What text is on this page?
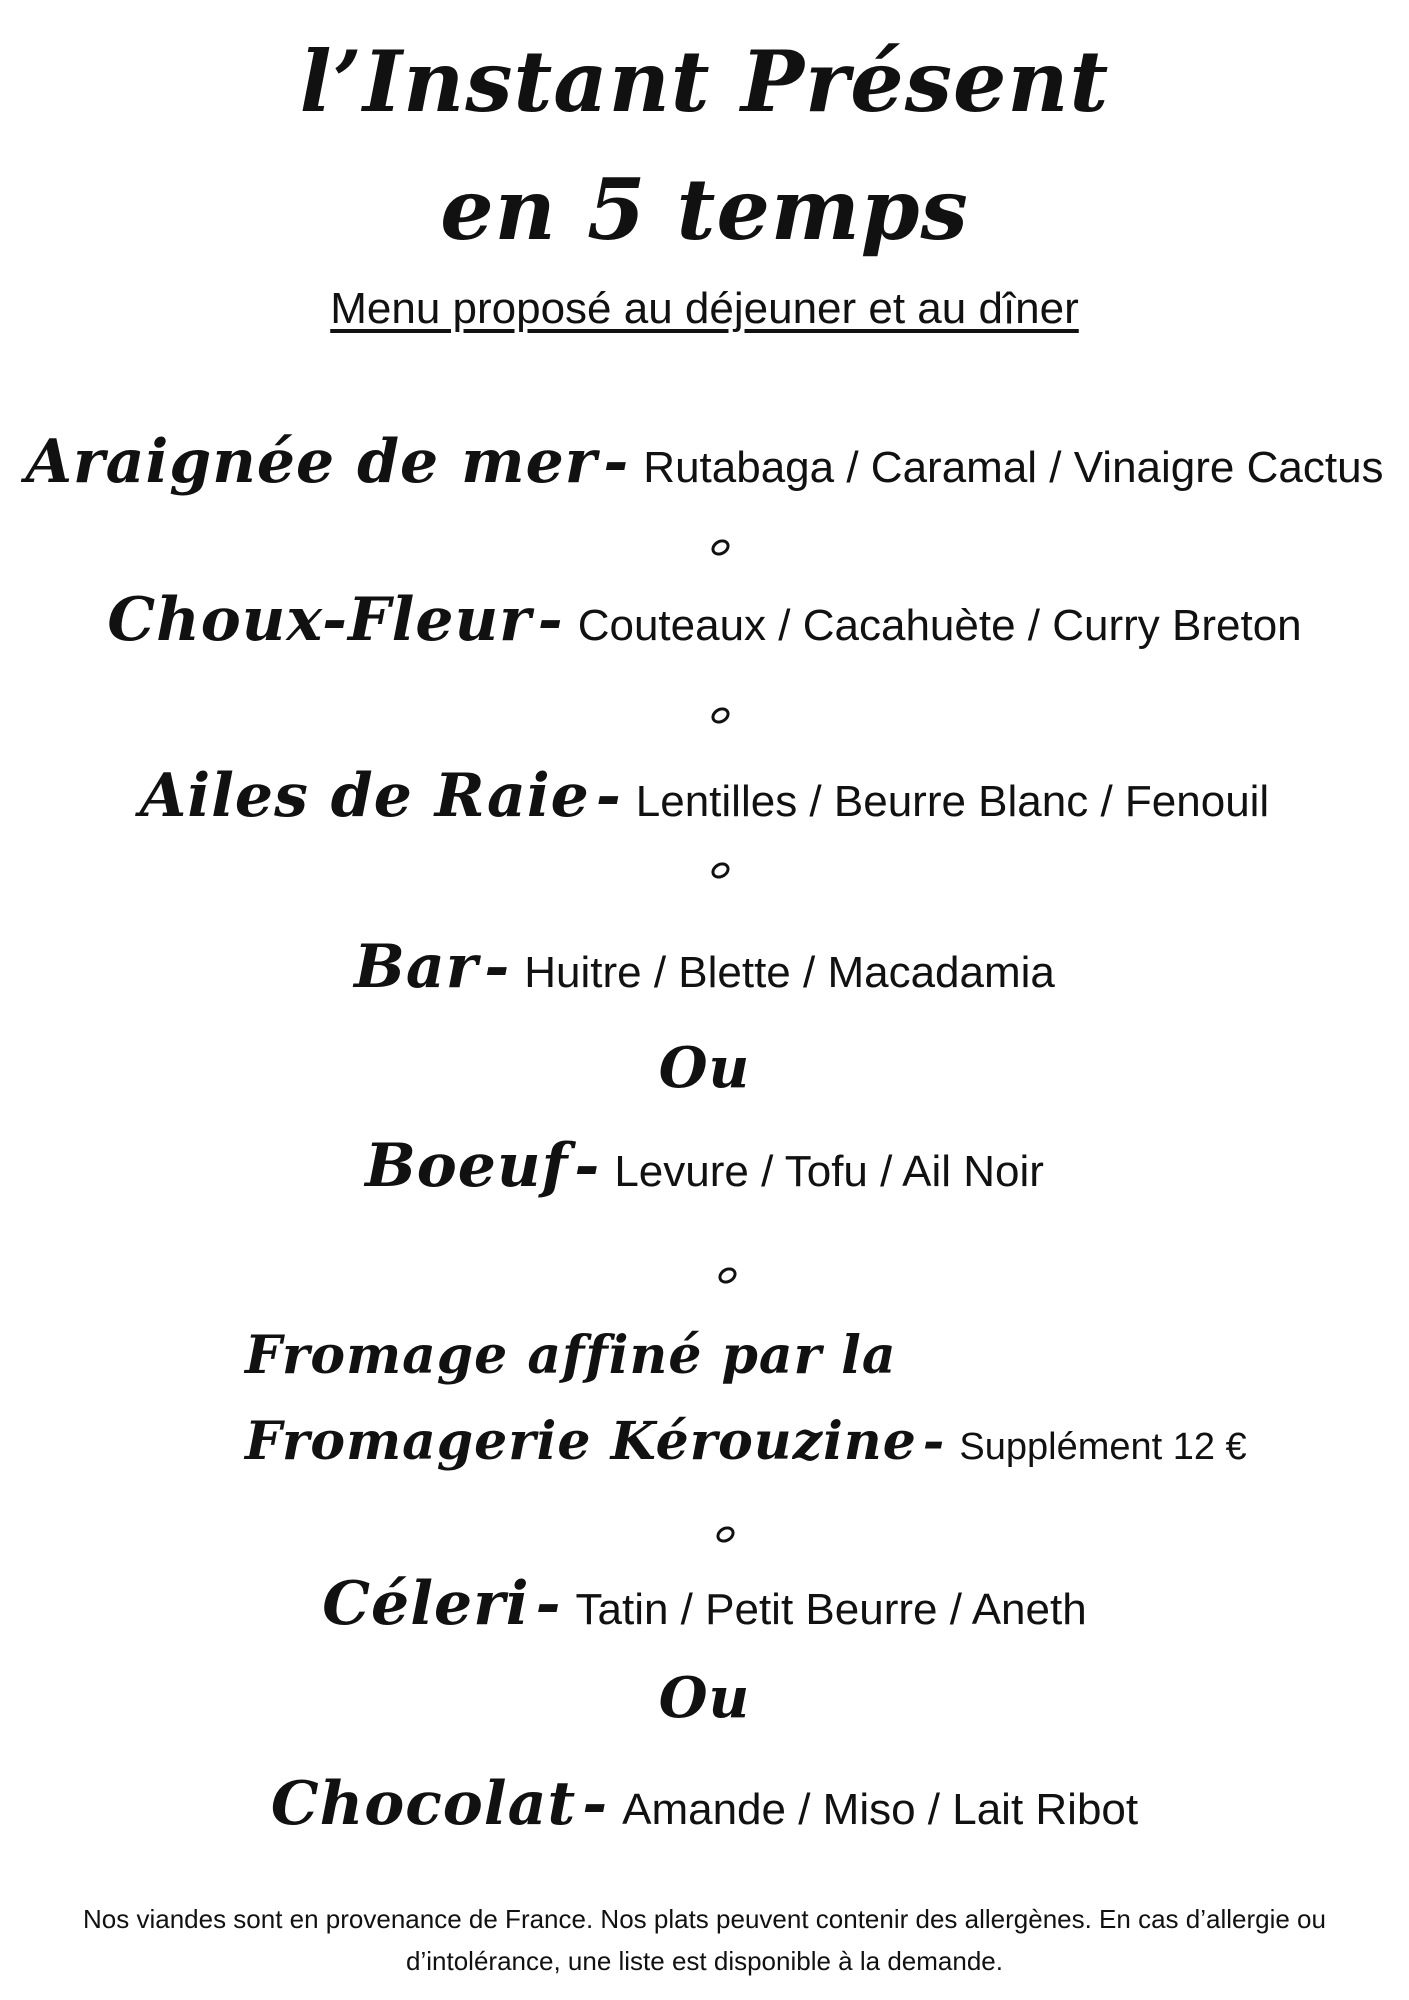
l’Instant Présent
en 5 temps

Menu proposé au déjeuner et au dîner

Araignée de mer - Rutabaga / Caramal / Vinaigre Cactus
Choux-Fleur - Couteaux / Cacahuète / Curry Breton
Ailes de Raie - Lentilles / Beurre Blanc / Fenouil
Bar - Huitre / Blette / Macadamia
Ou
Boeuf - Levure / Tofu / Ail Noir
Fromage affiné par la
Fromagerie Kérouzine - Supplément 12 €
Céleri - Tatin / Petit Beurre / Aneth
Ou
Chocolat - Amande / Miso / Lait Ribot
Nos viandes sont en provenance de France. Nos plats peuvent contenir des allergènes. En cas d’allergie ou
d’intolérance, une liste est disponible à la demande.
